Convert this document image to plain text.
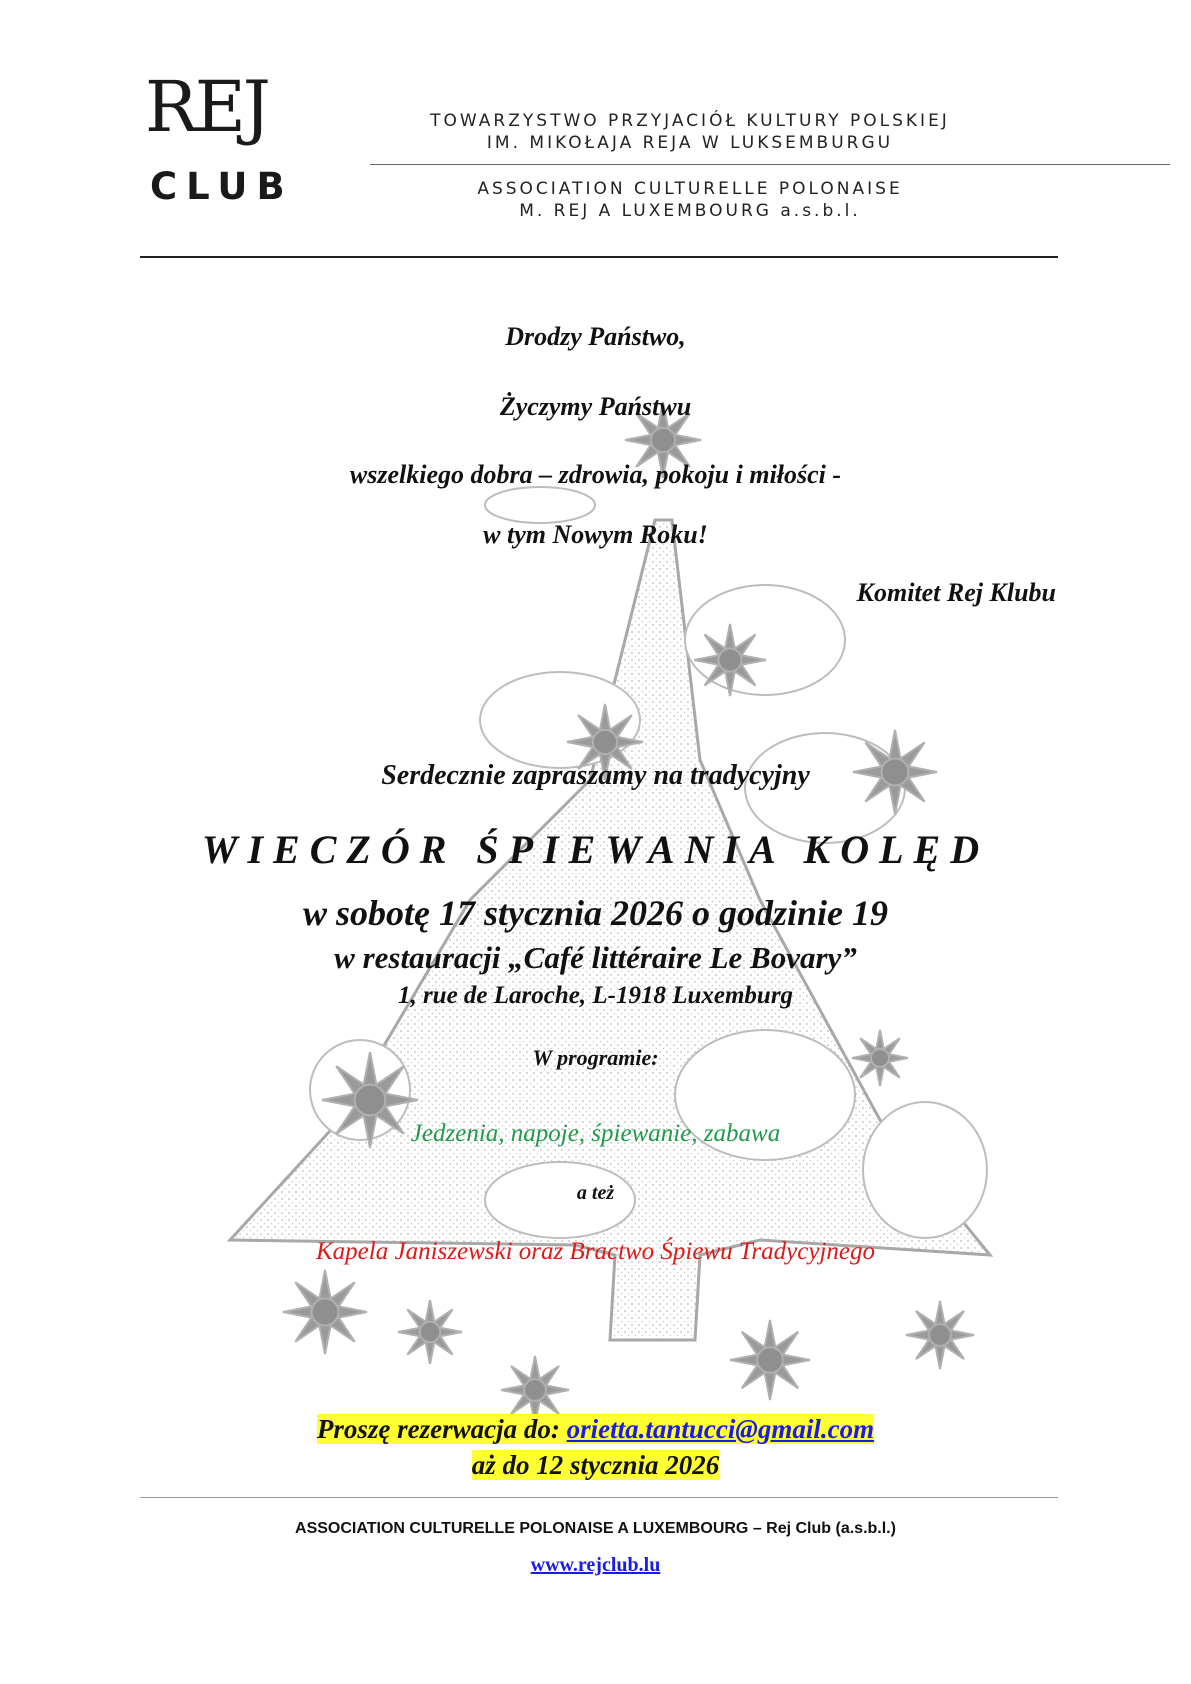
REJ
CLUB
TOWARZYSTWO PRZYJACIÓŁ KULTURY POLSKIEJ
IM. MIKOŁAJA REJA W LUKSEMBURGU
ASSOCIATION CULTURELLE POLONAISE
M. REJ A LUXEMBOURG a.s.b.l.
Drodzy Państwo,
Życzymy Państwu
wszelkiego dobra – zdrowia, pokoju i miłości -
w tym Nowym Roku!
Komitet Rej Klubu
Serdecznie zapraszamy na tradycyjny
WIECZÓR ŚPIEWANIA KOLĘD
w sobotę 17 stycznia 2026 o godzinie 19
w restauracji „Café littéraire Le Bovary”
1, rue de Laroche, L-1918 Luxemburg
W programie:
Jedzenia, napoje, śpiewanie, zabawa
a też
Kapela Janiszewski oraz Bractwo Śpiewu Tradycyjnego
Proszę rezerwacja do: orietta.tantucci@gmail.com
aż do 12 stycznia 2026
ASSOCIATION CULTURELLE POLONAISE A LUXEMBOURG – Rej Club (a.s.b.l.)
www.rejclub.lu
